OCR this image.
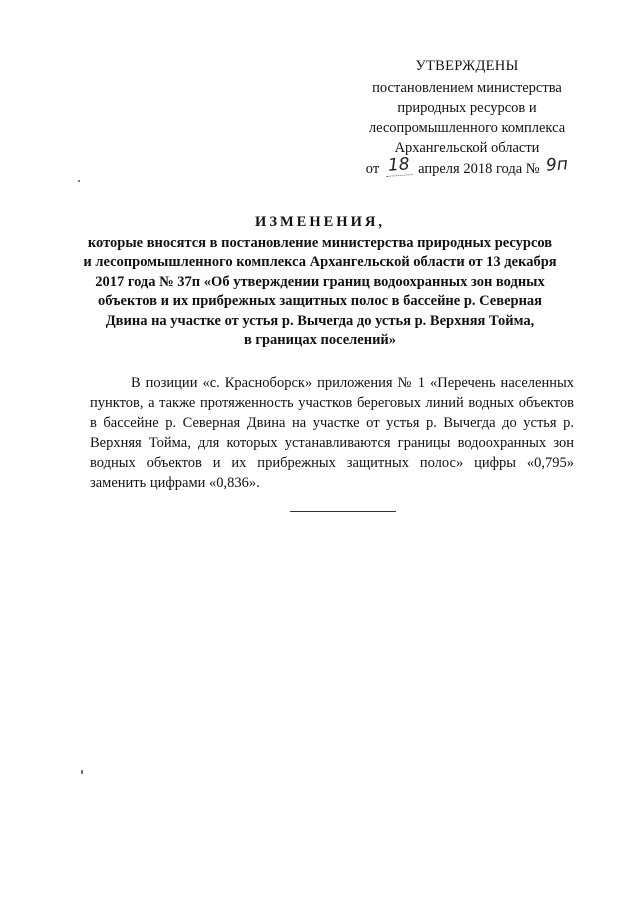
УТВЕРЖДЕНЫ
постановлением министерства
природных ресурсов и
лесопромышленного комплекса
Архангельской области
от 18 апреля 2018 года № 9п
ИЗМЕНЕНИЯ,
которые вносятся в постановление министерства природных ресурсов
и лесопромышленного комплекса Архангельской области от 13 декабря
2017 года № 37п «Об утверждении границ водоохранных зон водных
объектов и их прибрежных защитных полос в бассейне р. Северная
Двина на участке от устья р. Вычегда до устья р. Верхняя Тойма,
в границах поселений»

В позиции «с. Красноборск» приложения № 1 «Перечень населенных пунктов, а также протяженность участков береговых линий водных объектов в бассейне р. Северная Двина на участке от устья р. Вычегда до устья р. Верхняя Тойма, для которых устанавливаются границы водоохранных зон водных объектов и их прибрежных защитных полос» цифры «0,795» заменить цифрами «0,836».
